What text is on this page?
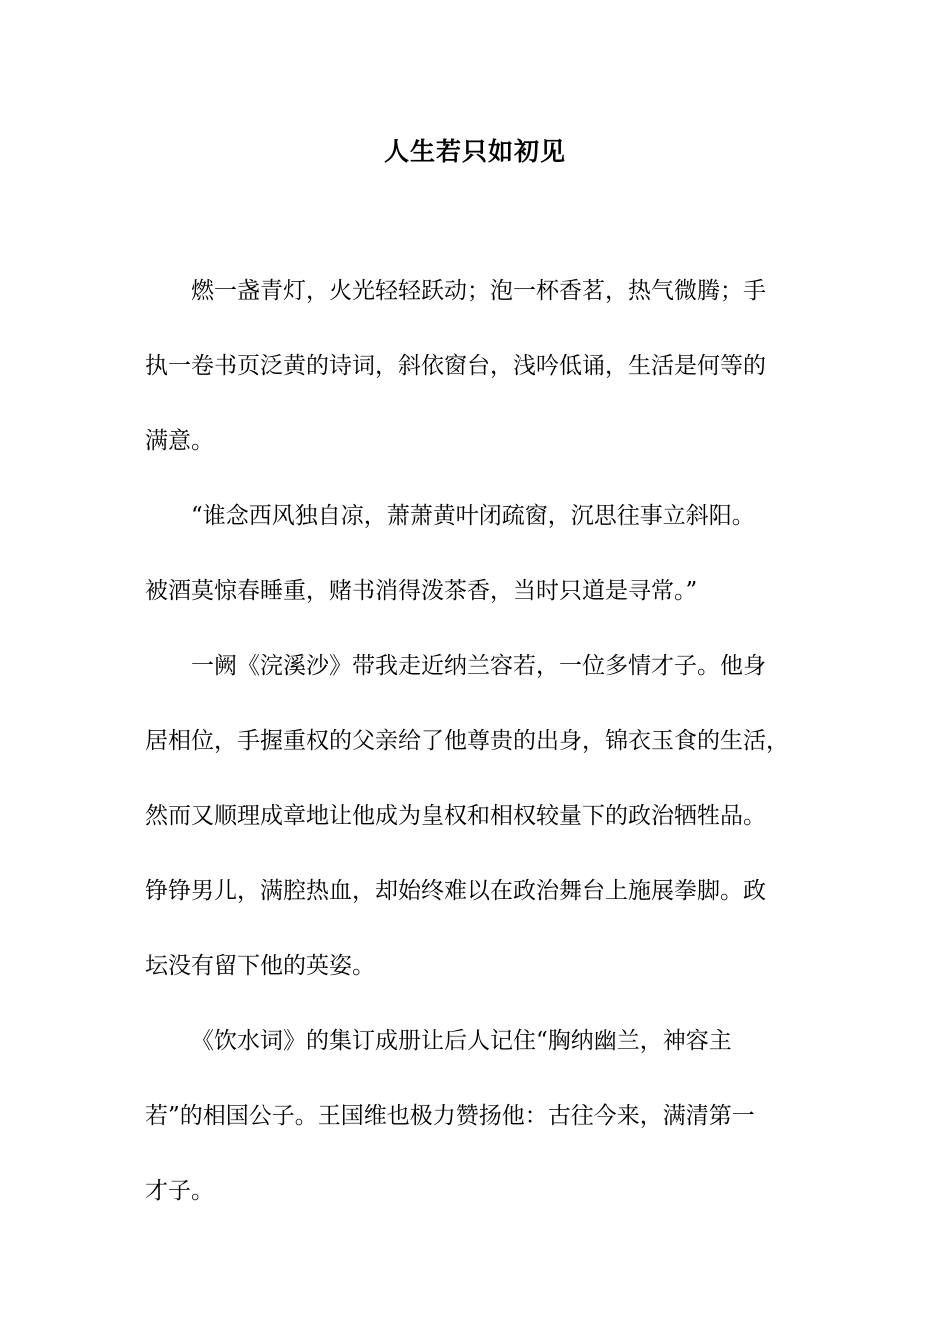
人生若只如初见

燃一盏青灯，火光轻轻跃动；泡一杯香茗，热气微腾；手
执一卷书页泛黄的诗词，斜依窗台，浅吟低诵，生活是何等的
满意。

“谁念西风独自凉，萧萧黄叶闭疏窗，沉思往事立斜阳。
被酒莫惊春睡重，赌书消得泼茶香，当时只道是寻常。”

一阙《浣溪沙》带我走近纳兰容若，一位多情才子。他身
居相位，手握重权的父亲给了他尊贵的出身，锦衣玉食的生活，
然而又顺理成章地让他成为皇权和相权较量下的政治牺牲品。
铮铮男儿，满腔热血，却始终难以在政治舞台上施展拳脚。政
坛没有留下他的英姿。

《饮水词》的集订成册让后人记住“胸纳幽兰，神容主
若”的相国公子。王国维也极力赞扬他：古往今来，满清第一
才子。
